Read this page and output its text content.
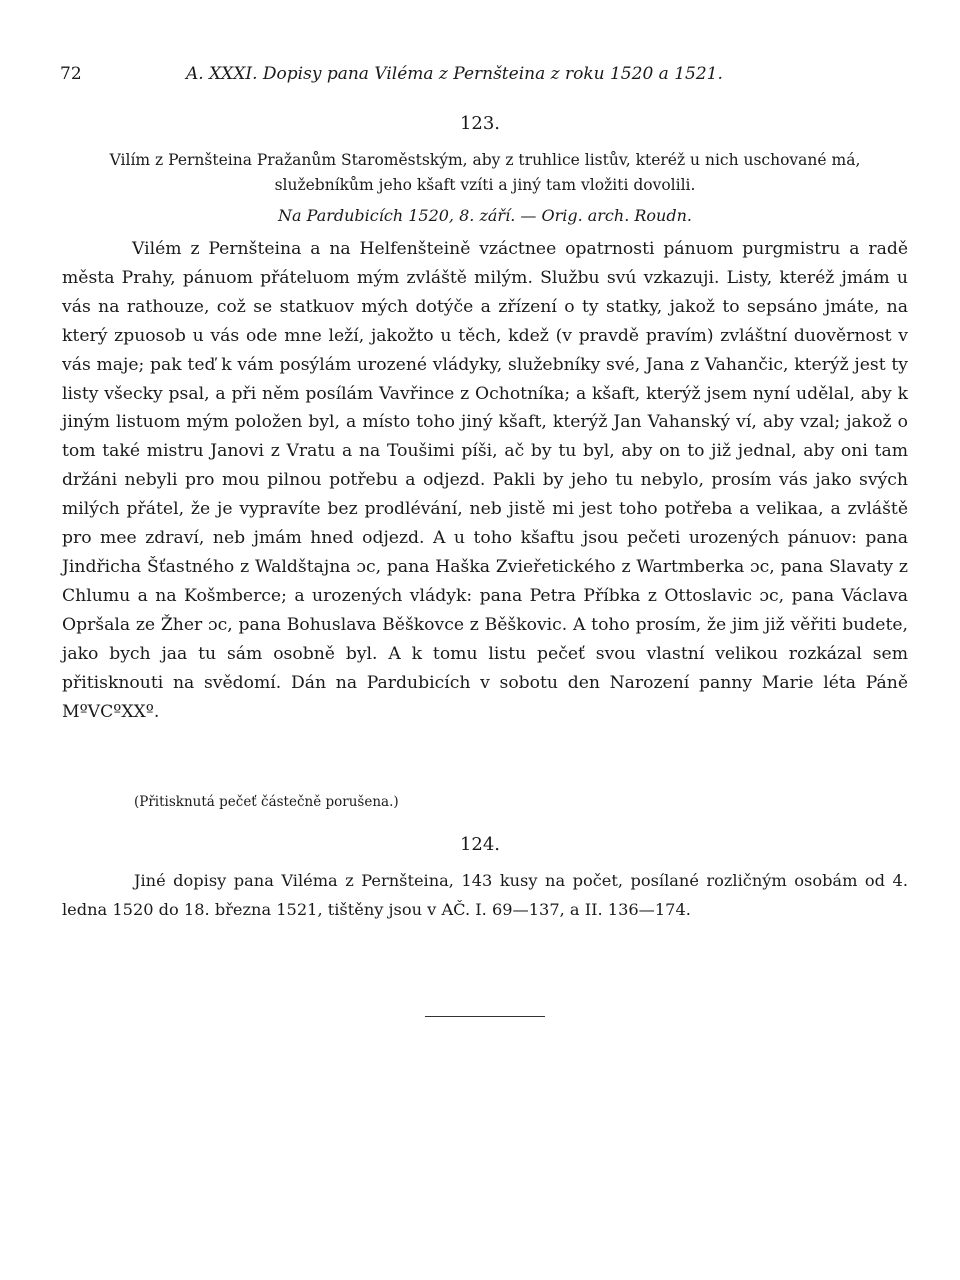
72	A. XXXI. Dopisy pana Viléma z Pernšteina z roku 1520 a 1521.
123.
Vilím z Pernšteina Pražanům Staroměstským, aby z truhlice listův, kteréž u nich uschované má, služebníkům jeho kšaft vzíti a jiný tam vložiti dovolili.
Na Pardubicích 1520, 8. září. — Orig. arch. Roudn.

Vilém z Pernšteina a na Helfenšteině vzáctnee opatrnosti pánuom purgmistru a radě města Prahy, pánuom přáteluom mým zvláště milým. Službu svú vzkazuji. Listy, kteréž jmám u vás na rathouze, což se statkuov mých dotýče a zřízení o ty statky, jakož to sepsáno jmáte, na který zpuosob u vás ode mne leží, jakožto u těch, kdež (v pravdě pravím) zvláštní duověrnost v vás maje; pak teď k vám posýlám urozené vládyky, služebníky své, Jana z Vahančic, kterýž jest ty listy všecky psal, a při něm posílám Vavřince z Ochotníka; a kšaft, kterýž jsem nyní udělal, aby k jiným listuom mým položen byl, a místo toho jiný kšaft, kterýž Jan Vahanský ví, aby vzal; jakož o tom také mistru Janovi z Vratu a na Toušimi píši, ač by tu byl, aby on to již jednal, aby oni tam držáni nebyli pro mou pilnou potřebu a odjezd. Pakli by jeho tu nebylo, prosím vás jako svých milých přátel, že je vypravíte bez prodlévání, neb jistě mi jest toho potřeba a velikaa, a zvláště pro mee zdraví, neb jmám hned odjezd. A u toho kšaftu jsou pečeti urozených pánuov: pana Jindřicha Šťastného z Waldštajna ɔc, pana Haška Zvieřetického z Wartmberka ɔc, pana Slavaty z Chlumu a na Košmberce; a urozených vládyk: pana Petra Příbka z Ottoslavic ɔc, pana Václava Opršala ze Žher ɔc, pana Bohuslava Běškovce z Běškovic. A toho prosím, že jim již věřiti budete, jako bych jaa tu sám osobně byl. A k tomu listu pečeť svou vlastní velikou rozkázal sem přitisknouti na svědomí. Dán na Pardubicích v sobotu den Narození panny Marie léta Páně MºVCºXXº.

(Přitisknutá pečeť částečně porušena.)
124.

Jiné dopisy pana Viléma z Pernšteina, 143 kusy na počet, posílané rozličným osobám od 4. ledna 1520 do 18. března 1521, tištěny jsou v AČ. I. 69—137, a II. 136—174.
